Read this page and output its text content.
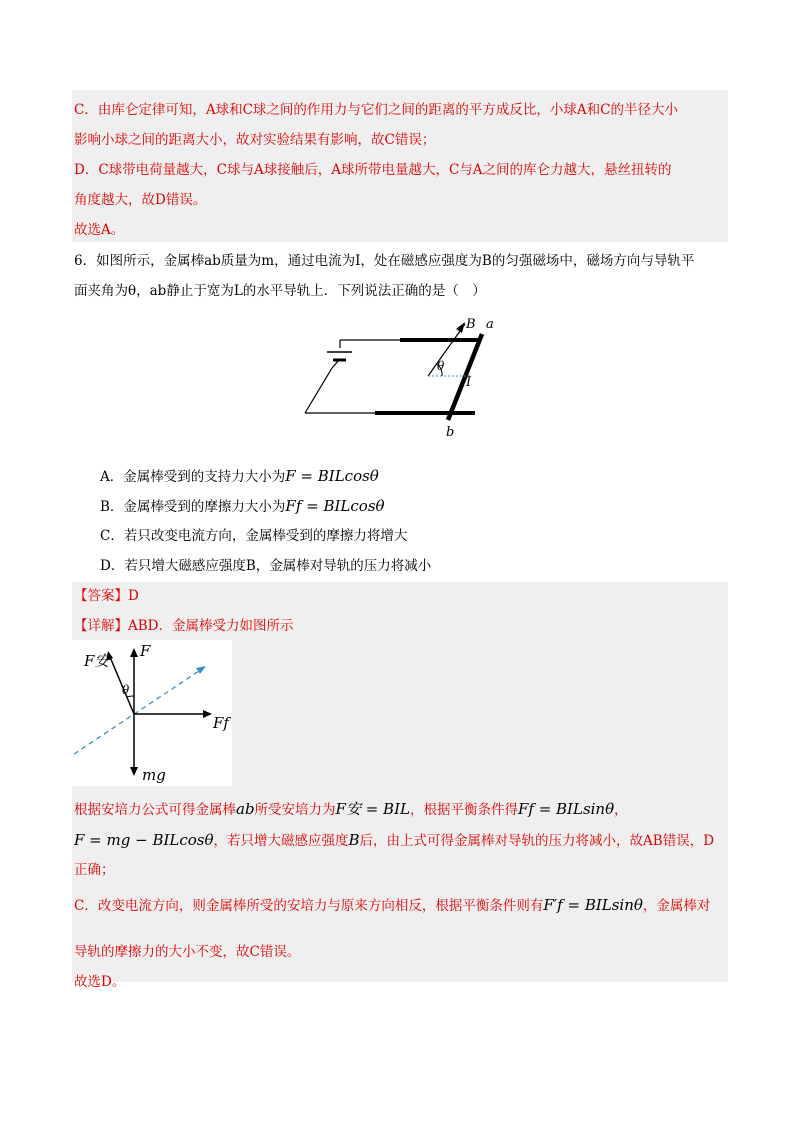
C．由库仑定律可知，A球和C球之间的作用力与它们之间的距离的平方成反比，小球A和C的半径大小
影响小球之间的距离大小，故对实验结果有影响，故C错误；
D．C球带电荷量越大，C球与A球接触后，A球所带电量越大，C与A之间的库仑力越大，悬丝扭转的
角度越大，故D错误。
故选A。
6．如图所示，金属棒ab质量为m，通过电流为I，处在磁感应强度为B的匀强磁场中，磁场方向与导轨平
面夹角为θ，ab静止于宽为L的水平导轨上．下列说法正确的是（　）
B a
b
θ
I
A．金属棒受到的支持力大小为F = BILcosθ
B．金属棒受到的摩擦力大小为Ff = BILcosθ
C．若只改变电流方向，金属棒受到的摩擦力将增大
D．若只增大磁感应强度B，金属棒对导轨的压力将减小
【答案】D
【详解】ABD．金属棒受力如图所示
F安
F
θ
Ff
mg
根据安培力公式可得金属棒ab所受安培力为F安 = BIL，根据平衡条件得Ff = BILsinθ，
F = mg − BILcosθ，若只增大磁感应强度B后，由上式可得金属棒对导轨的压力将减小，故AB错误，D
正确；
C．改变电流方向，则金属棒所受的安培力与原来方向相反，根据平衡条件则有F′f = BILsinθ，金属棒对
导轨的摩擦力的大小不变，故C错误。
故选D。
